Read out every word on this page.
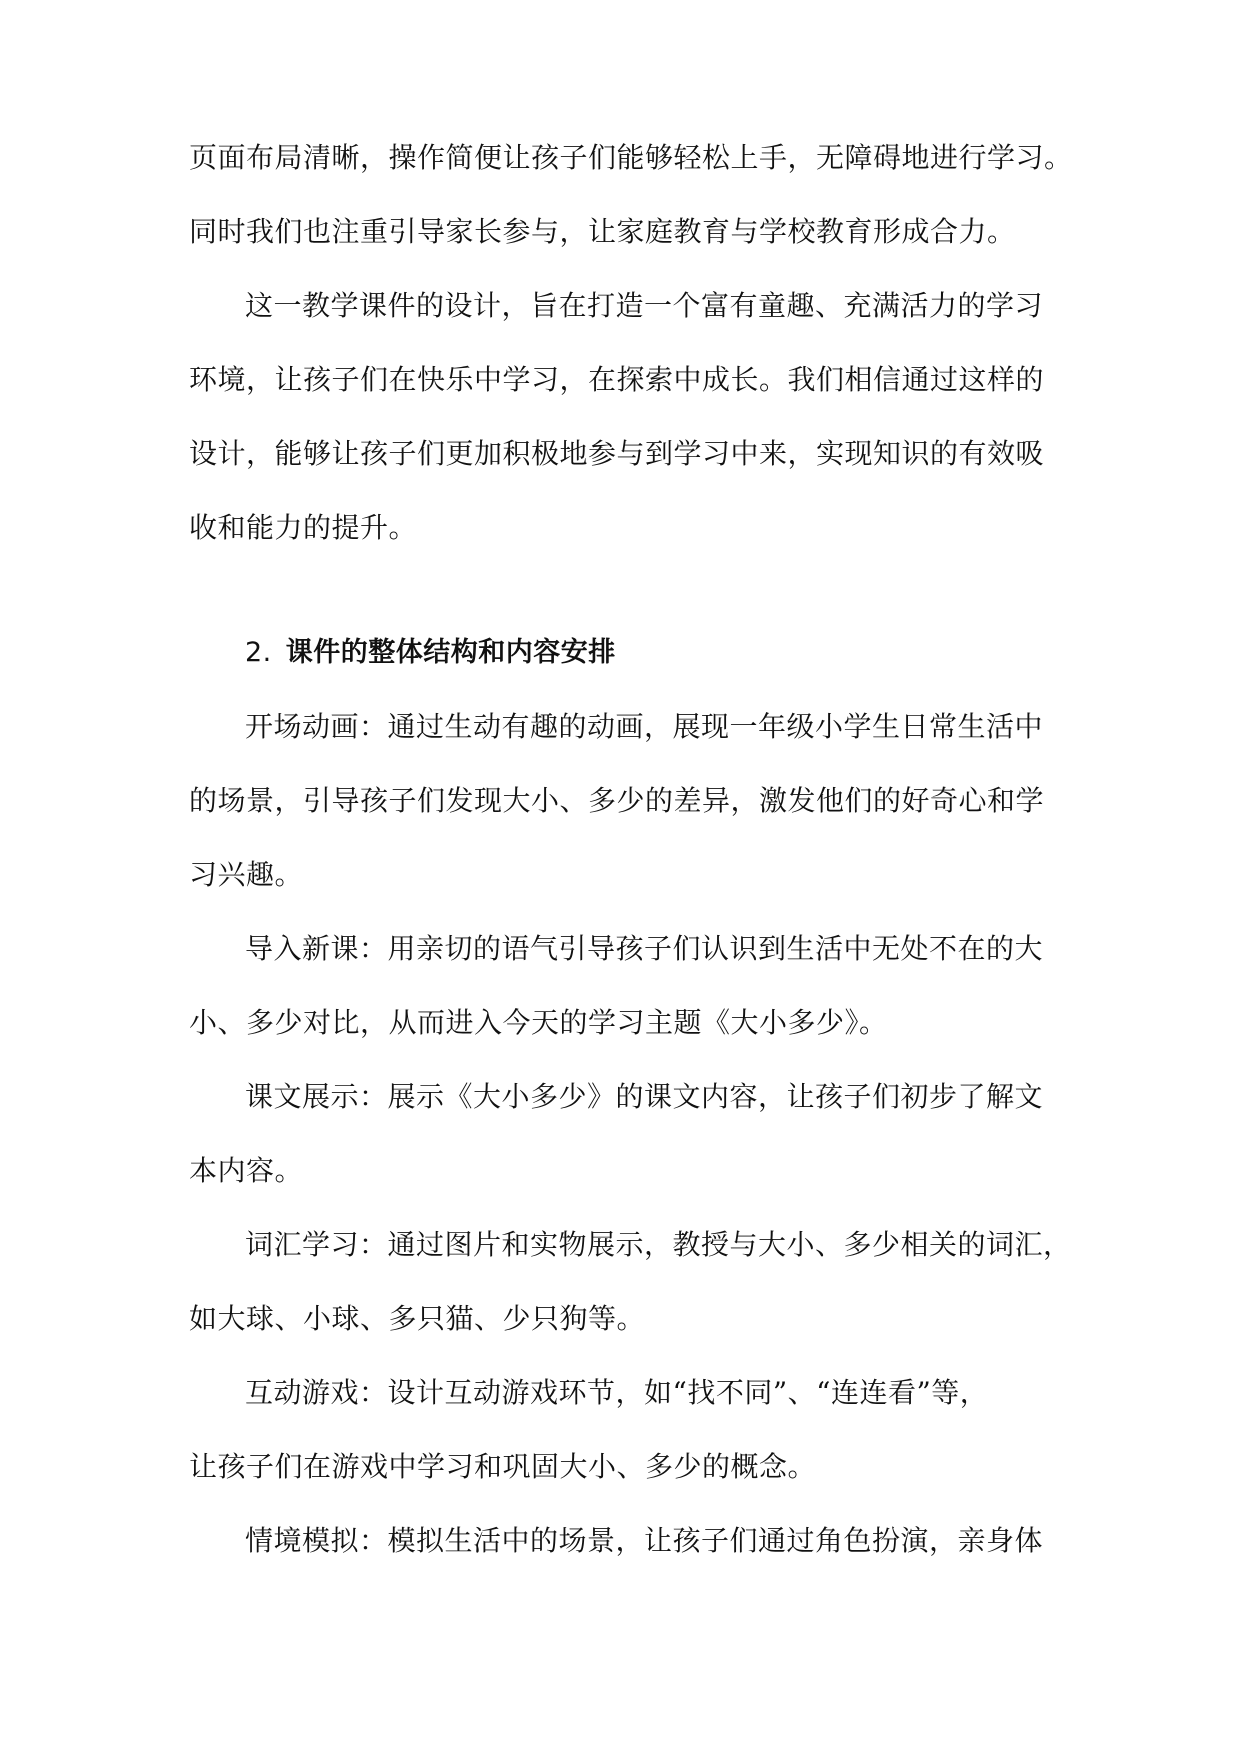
页面布局清晰，操作简便让孩子们能够轻松上手，无障碍地进行学习。
同时我们也注重引导家长参与，让家庭教育与学校教育形成合力。
这一教学课件的设计，旨在打造一个富有童趣、充满活力的学习
环境，让孩子们在快乐中学习，在探索中成长。我们相信通过这样的
设计，能够让孩子们更加积极地参与到学习中来，实现知识的有效吸
收和能力的提升。
2. 课件的整体结构和内容安排
开场动画：通过生动有趣的动画，展现一年级小学生日常生活中
的场景，引导孩子们发现大小、多少的差异，激发他们的好奇心和学
习兴趣。
导入新课：用亲切的语气引导孩子们认识到生活中无处不在的大
小、多少对比，从而进入今天的学习主题《大小多少》。
课文展示：展示《大小多少》的课文内容，让孩子们初步了解文
本内容。
词汇学习：通过图片和实物展示，教授与大小、多少相关的词汇，
如大球、小球、多只猫、少只狗等。
互动游戏：设计互动游戏环节，如“找不同”、“连连看”等，
让孩子们在游戏中学习和巩固大小、多少的概念。
情境模拟：模拟生活中的场景，让孩子们通过角色扮演，亲身体
